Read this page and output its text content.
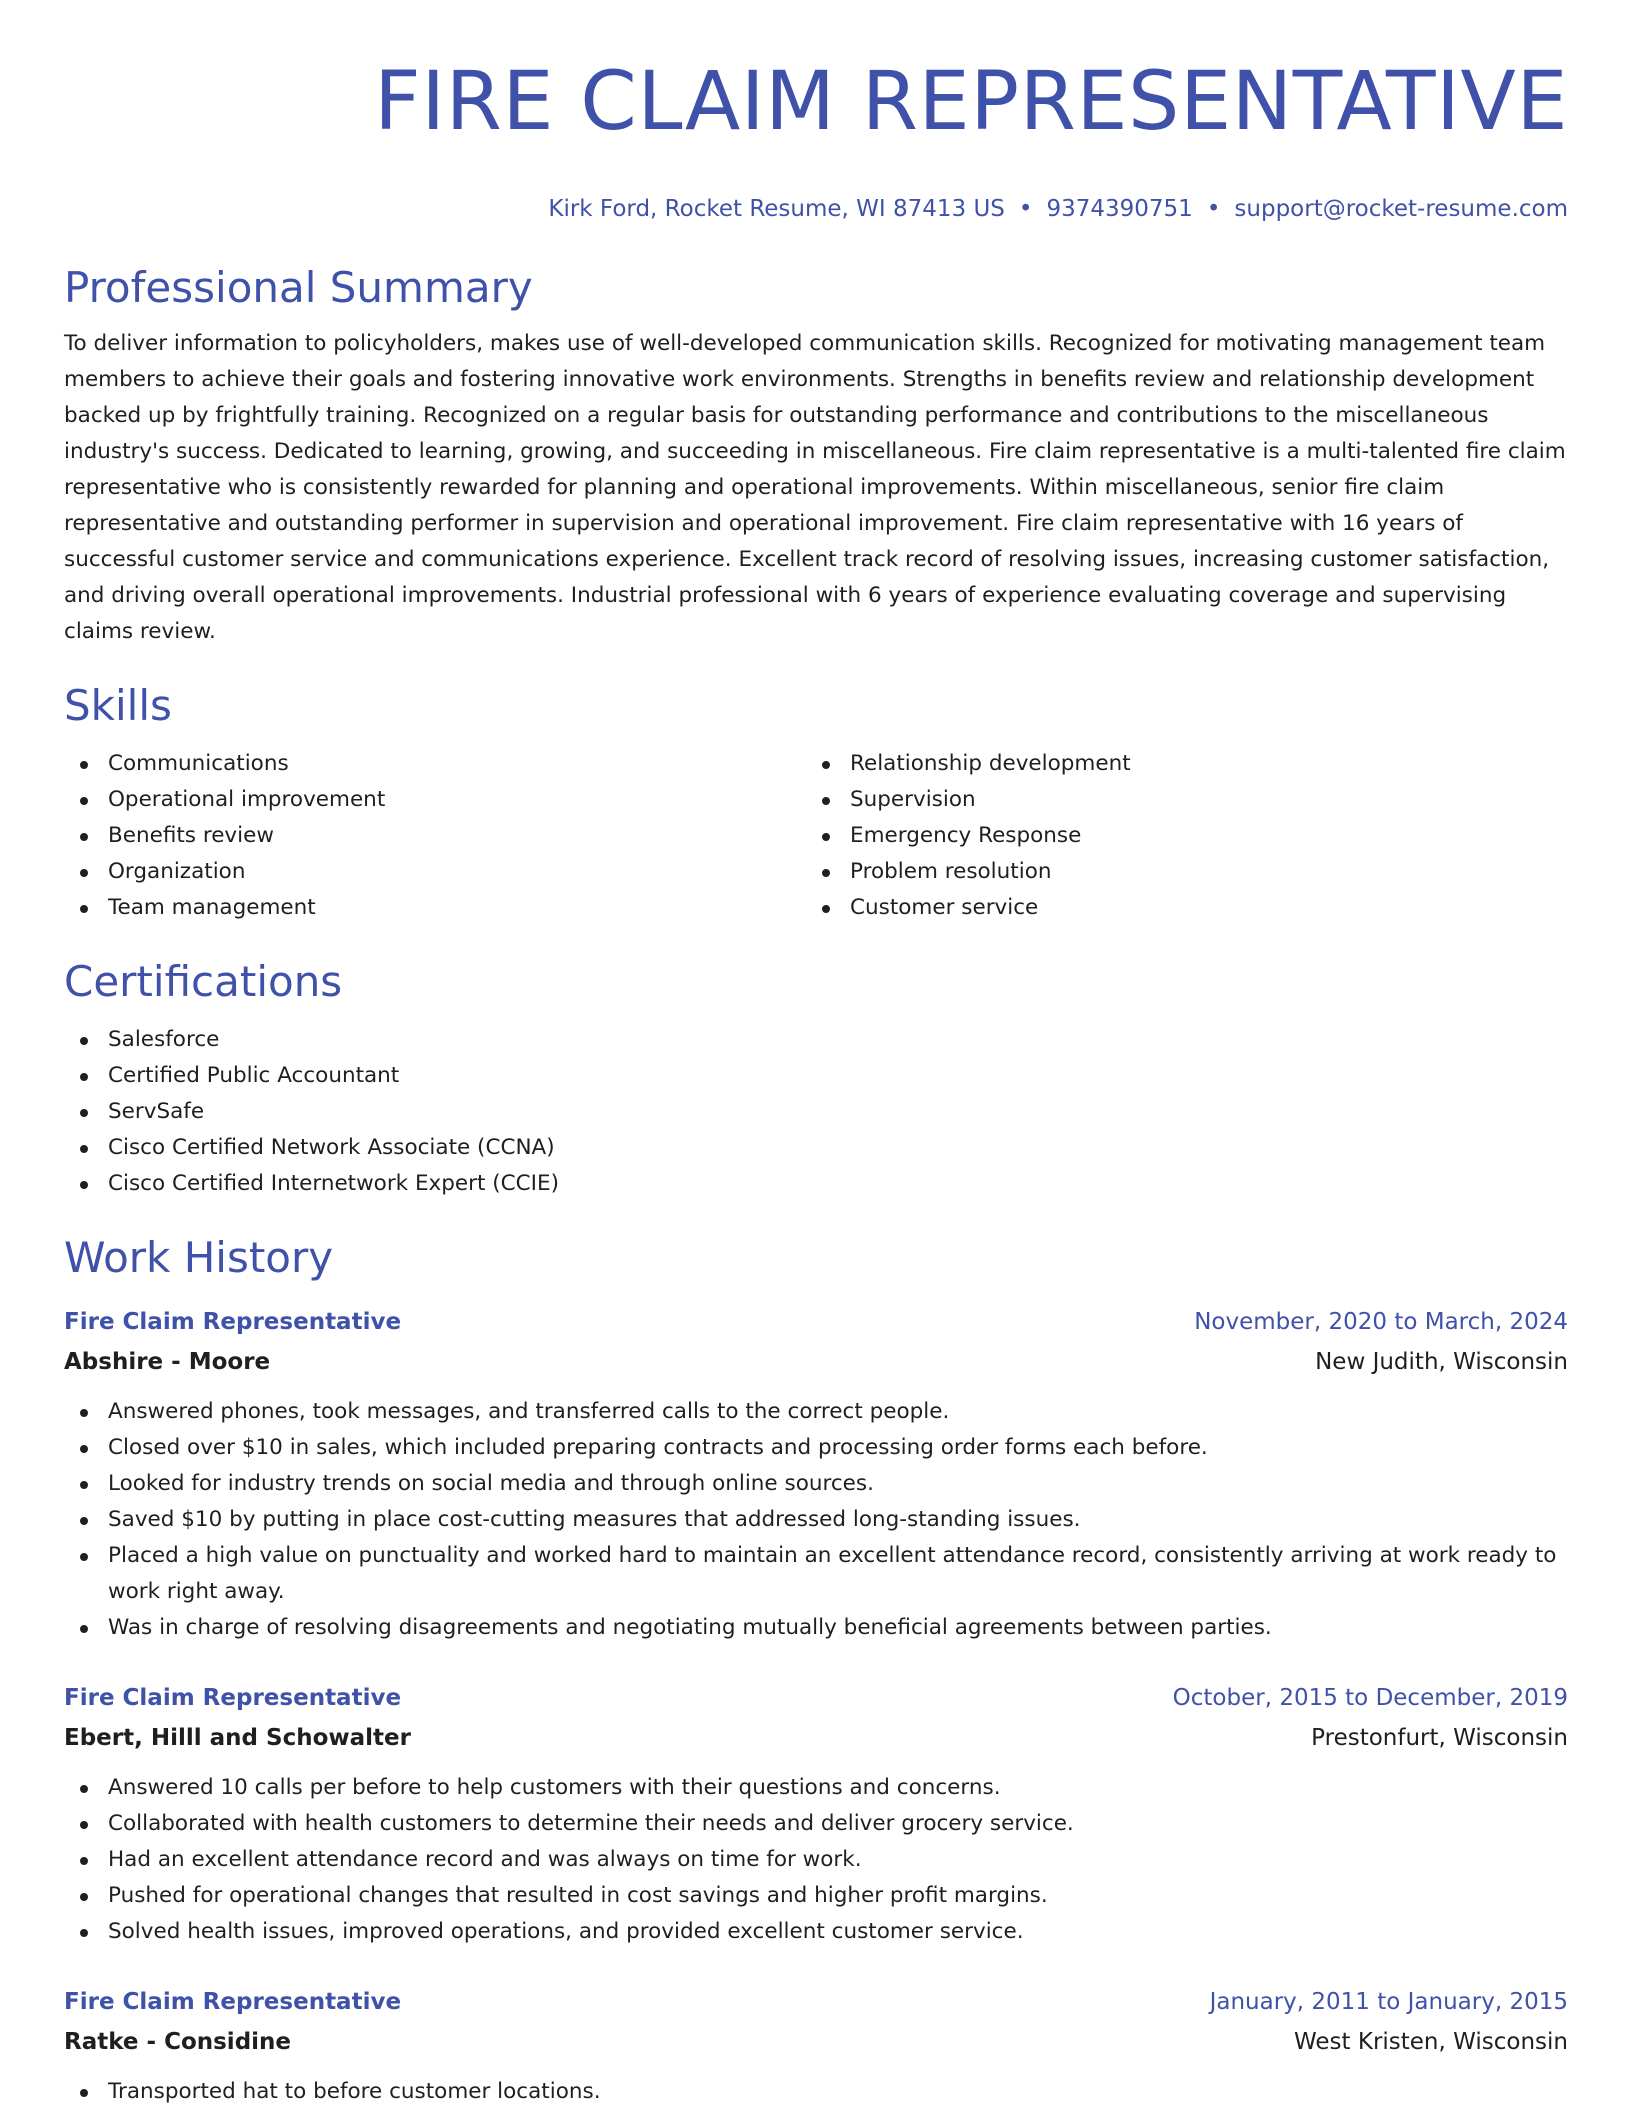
FIRE CLAIM REPRESENTATIVE
Kirk Ford, Rocket Resume, WI 87413 US • 9374390751 • support@rocket-resume.com
Professional Summary

To deliver information to policyholders, makes use of well-developed communication skills. Recognized for motivating management team members to achieve their goals and fostering innovative work environments. Strengths in benefits review and relationship development backed up by frightfully training. Recognized on a regular basis for outstanding performance and contributions to the miscellaneous industry's success. Dedicated to learning, growing, and succeeding in miscellaneous. Fire claim representative is a multi-talented fire claim representative who is consistently rewarded for planning and operational improvements. Within miscellaneous, senior fire claim representative and outstanding performer in supervision and operational improvement. Fire claim representative with 16 years of successful customer service and communications experience. Excellent track record of resolving issues, increasing customer satisfaction, and driving overall operational improvements. Industrial professional with 6 years of experience evaluating coverage and supervising claims review.

Skills
Communications
Operational improvement
Benefits review
Organization
Team management
Relationship development
Supervision
Emergency Response
Problem resolution
Customer service
Certifications
Salesforce
Certified Public Accountant
ServSafe
Cisco Certified Network Associate (CCNA)
Cisco Certified Internetwork Expert (CCIE)
Work History
Fire Claim Representative	November, 2020 to March, 2024
Abshire - Moore	New Judith, Wisconsin
Answered phones, took messages, and transferred calls to the correct people.
Closed over $10 in sales, which included preparing contracts and processing order forms each before.
Looked for industry trends on social media and through online sources.
Saved $10 by putting in place cost-cutting measures that addressed long-standing issues.
Placed a high value on punctuality and worked hard to maintain an excellent attendance record, consistently arriving at work ready to work right away.
Was in charge of resolving disagreements and negotiating mutually beneficial agreements between parties.
Fire Claim Representative	October, 2015 to December, 2019
Ebert, Hilll and Schowalter	Prestonfurt, Wisconsin
Answered 10 calls per before to help customers with their questions and concerns.
Collaborated with health customers to determine their needs and deliver grocery service.
Had an excellent attendance record and was always on time for work.
Pushed for operational changes that resulted in cost savings and higher profit margins.
Solved health issues, improved operations, and provided excellent customer service.
Fire Claim Representative	January, 2011 to January, 2015
Ratke - Considine	West Kristen, Wisconsin
Transported hat to before customer locations.
